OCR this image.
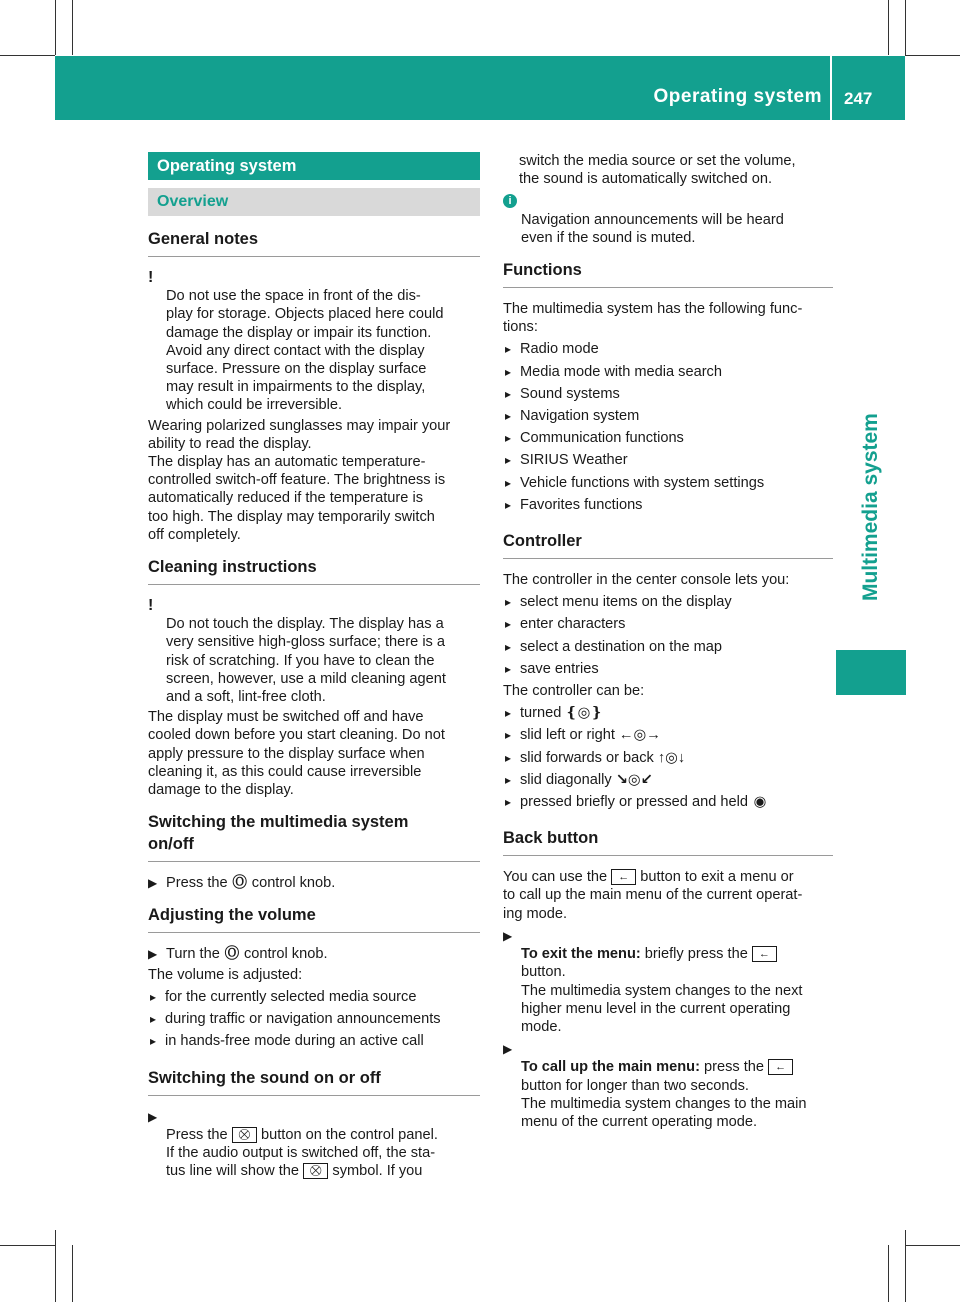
Operating system 247
Multimedia system
Operating system
Overview
General notes

!
Do not use the space in front of the dis-
play for storage. Objects placed here could
damage the display or impair its function.
Avoid any direct contact with the display
surface. Pressure on the display surface
may result in impairments to the display,
which could be irreversible.

Wearing polarized sunglasses may impair your
ability to read the display.

The display has an automatic temperature-
controlled switch-off feature. The brightness is
automatically reduced if the temperature is
too high. The display may temporarily switch
off completely.

Cleaning instructions

!
Do not touch the display. The display has a
very sensitive high-gloss surface; there is a
risk of scratching. If you have to clean the
screen, however, use a mild cleaning agent
and a soft, lint-free cloth.

The display must be switched off and have
cooled down before you start cleaning. Do not
apply pressure to the display surface when
cleaning it, as this could cause irreversible
damage to the display.

Switching the multimedia system
on/off
▶ Press the Ⓞ control knob.
Adjusting the volume
▶ Turn the Ⓞ control knob.

The volume is adjusted:

▸ for the currently selected media source
▸ during traffic or navigation announcements
▸ in hands-free mode during an active call
Switching the sound on or off

▶
Press the ⛒ button on the control panel.
If the audio output is switched off, the sta-
tus line will show the ⛒ symbol. If you

switch the media source or set the volume,
the sound is automatically switched on.

i
Navigation announcements will be heard
even if the sound is muted.

Functions

The multimedia system has the following func-
tions:

▸ Radio mode
▸ Media mode with media search
▸ Sound systems
▸ Navigation system
▸ Communication functions
▸ SIRIUS Weather
▸ Vehicle functions with system settings
▸ Favorites functions
Controller

The controller in the center console lets you:

▸ select menu items on the display
▸ enter characters
▸ select a destination on the map
▸ save entries

The controller can be:

▸ turned ❴◎❵
▸ slid left or right ←◎→
▸ slid forwards or back ↑◎↓
▸ slid diagonally ↘◎↙
▸ pressed briefly or pressed and held ◉
Back button

You can use the ← button to exit a menu or
to call up the main menu of the current operat-
ing mode.

▶
To exit the menu: briefly press the ←
button.
The multimedia system changes to the next
higher menu level in the current operating
mode.

▶
To call up the main menu: press the ←
button for longer than two seconds.
The multimedia system changes to the main
menu of the current operating mode.
